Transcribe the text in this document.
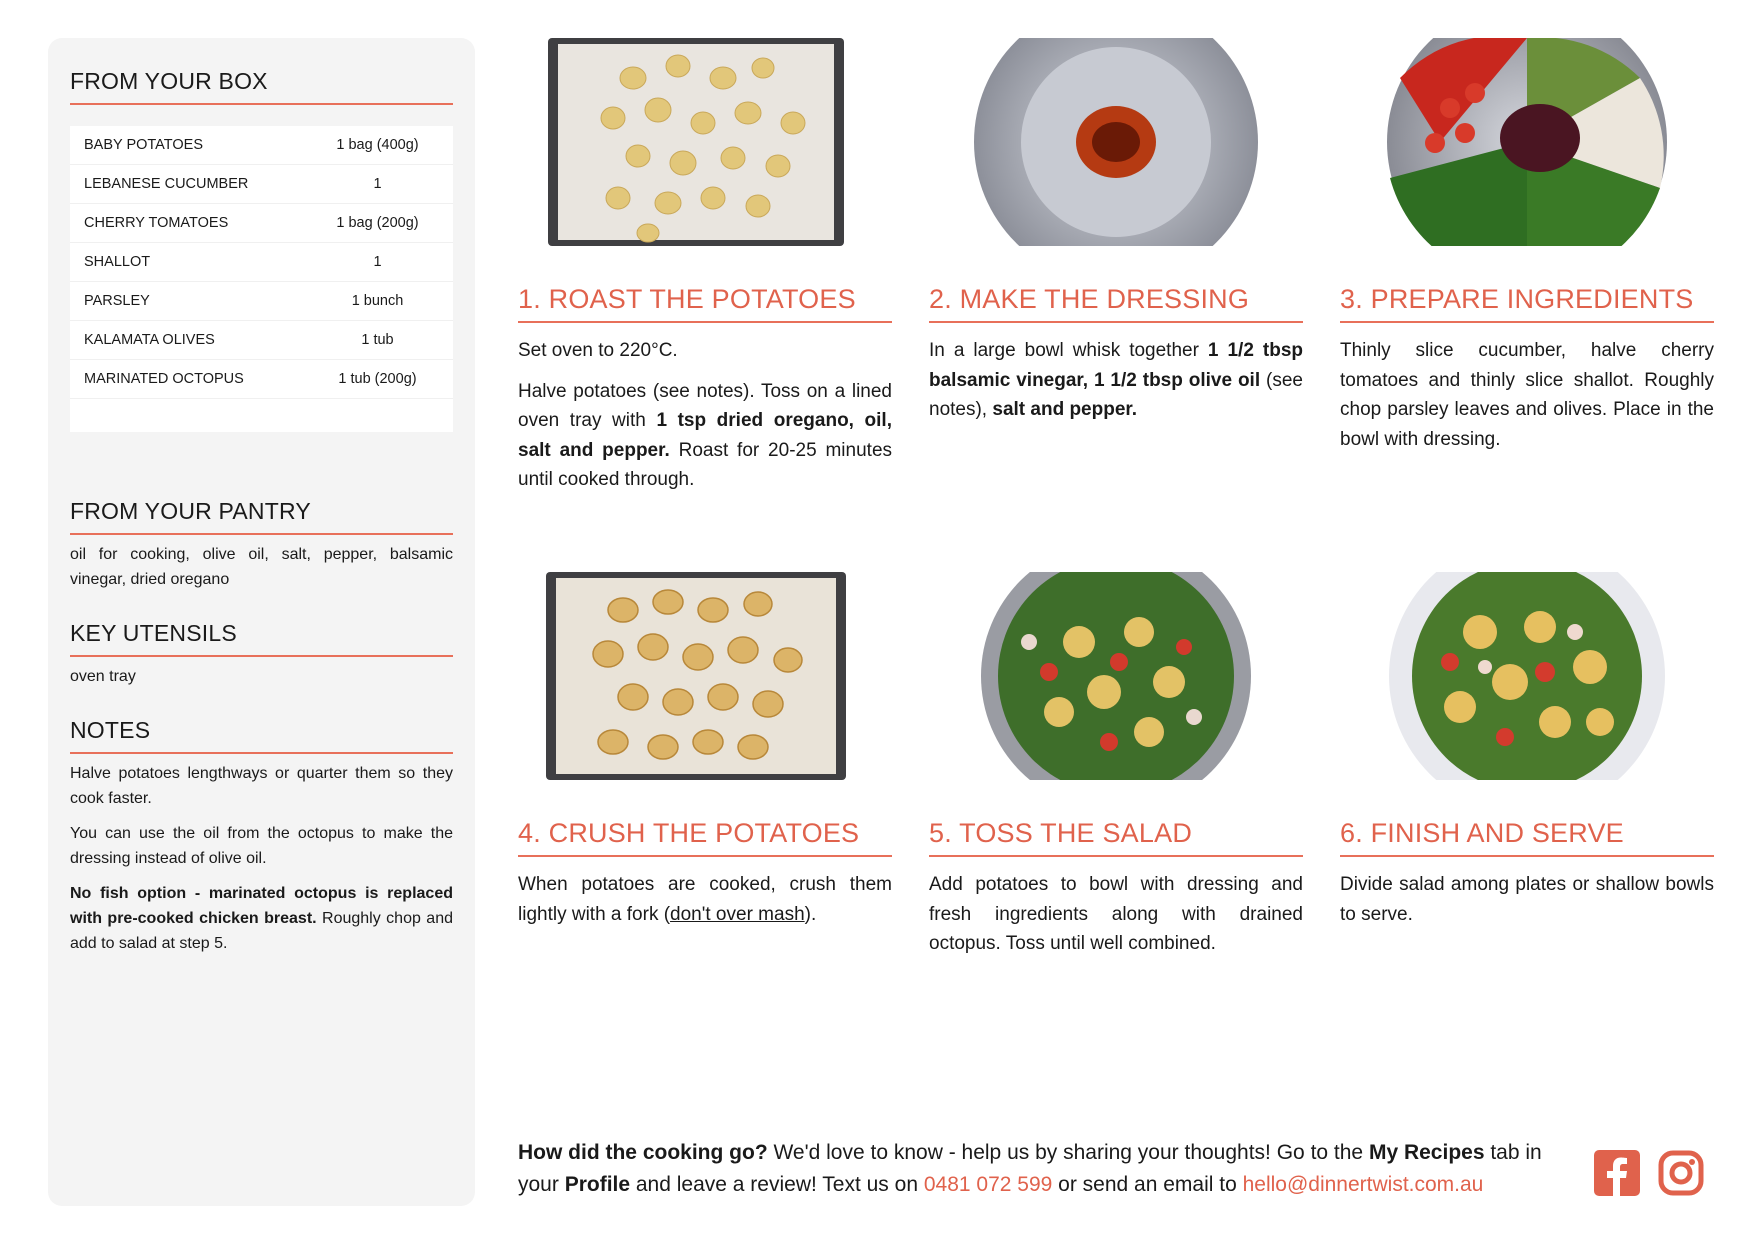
FROM YOUR BOX
BABY POTATOES	1 bag (400g)
LEBANESE CUCUMBER	1
CHERRY TOMATOES	1 bag (200g)
SHALLOT	1
PARSLEY	1 bunch
KALAMATA OLIVES	1 tub
MARINATED OCTOPUS	1 tub (200g)
FROM YOUR PANTRY

oil for cooking, olive oil, salt, pepper, balsamic vinegar, dried oregano

KEY UTENSILS

oven tray

NOTES

Halve potatoes lengthways or quarter them so they cook faster.

You can use the oil from the octopus to make the dressing instead of olive oil.

No fish option - marinated octopus is replaced with pre-cooked chicken breast. Roughly chop and add to salad at step 5.

1. ROAST THE POTATOES

Set oven to 220°C.

Halve potatoes (see notes). Toss on a lined oven tray with 1 tsp dried oregano, oil, salt and pepper. Roast for 20-25 minutes until cooked through.

2. MAKE THE DRESSING

In a large bowl whisk together 1 1/2 tbsp balsamic vinegar, 1 1/2 tbsp olive oil (see notes), salt and pepper.

3. PREPARE INGREDIENTS

Thinly slice cucumber, halve cherry tomatoes and thinly slice shallot. Roughly chop parsley leaves and olives. Place in the bowl with dressing.

4. CRUSH THE POTATOES

When potatoes are cooked, crush them lightly with a fork (don't over mash).

5. TOSS THE SALAD

Add potatoes to bowl with dressing and fresh ingredients along with drained octopus. Toss until well combined.

6. FINISH AND SERVE

Divide salad among plates or shallow bowls to serve.

How did the cooking go? We'd love to know - help us by sharing your thoughts! Go to the My Recipes tab in your Profile and leave a review! Text us on 0481 072 599 or send an email to hello@dinnertwist.com.au
